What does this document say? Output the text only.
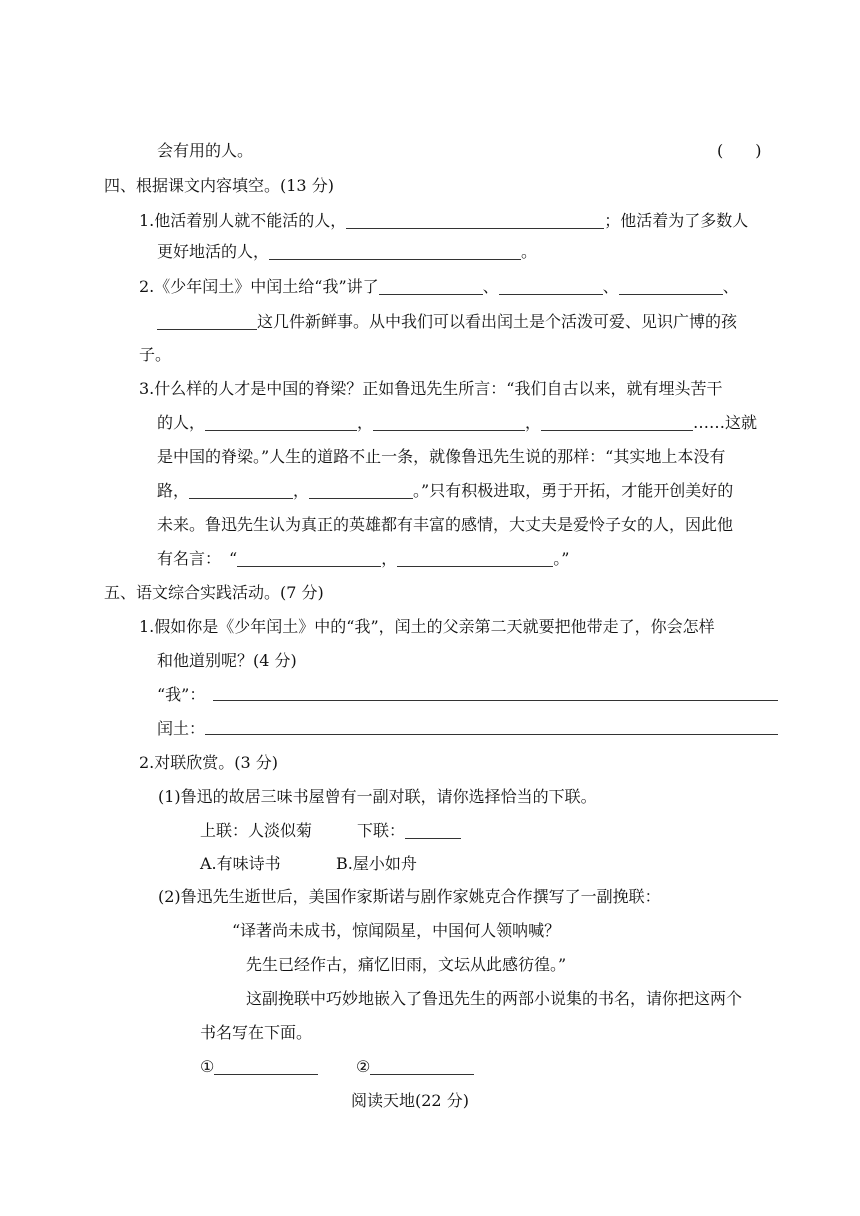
会有用的人。	(　　)
四、根据课文内容填空。(13 分)
1.他活着别人就不能活的人，	；他活着为了多数人
更好地活的人，	。
2.《少年闰土》中闰土给“我”讲了	、	、	、
这几件新鲜事。从中我们可以看出闰土是个活泼可爱、见识广博的孩
子。
3.什么样的人才是中国的脊梁？正如鲁迅先生所言：“我们自古以来，就有埋头苦干
的人，	，	，	……这就
是中国的脊梁。”人生的道路不止一条，就像鲁迅先生说的那样：“其实地上本没有
路，	，	。”只有积极进取，勇于开拓，才能开创美好的
未来。鲁迅先生认为真正的英雄都有丰富的感情，大丈夫是爱怜子女的人，因此他
有名言：　“	，	。”
五、语文综合实践活动。(7 分)
1.假如你是《少年闰土》中的“我”，闰土的父亲第二天就要把他带走了，你会怎样
和他道别呢？(4 分)
“我”：
闰土：
2.对联欣赏。(3 分)
(1)鲁迅的故居三味书屋曾有一副对联，请你选择恰当的下联。
上联：人淡似菊	下联：
A.有味诗书	B.屋小如舟
(2)鲁迅先生逝世后，美国作家斯诺与剧作家姚克合作撰写了一副挽联：
“译著尚未成书，惊闻陨星，中国何人领呐喊？
先生已经作古，痛忆旧雨，文坛从此感彷徨。”
这副挽联中巧妙地嵌入了鲁迅先生的两部小说集的书名，请你把这两个
书名写在下面。
①	②
阅读天地(22 分)
